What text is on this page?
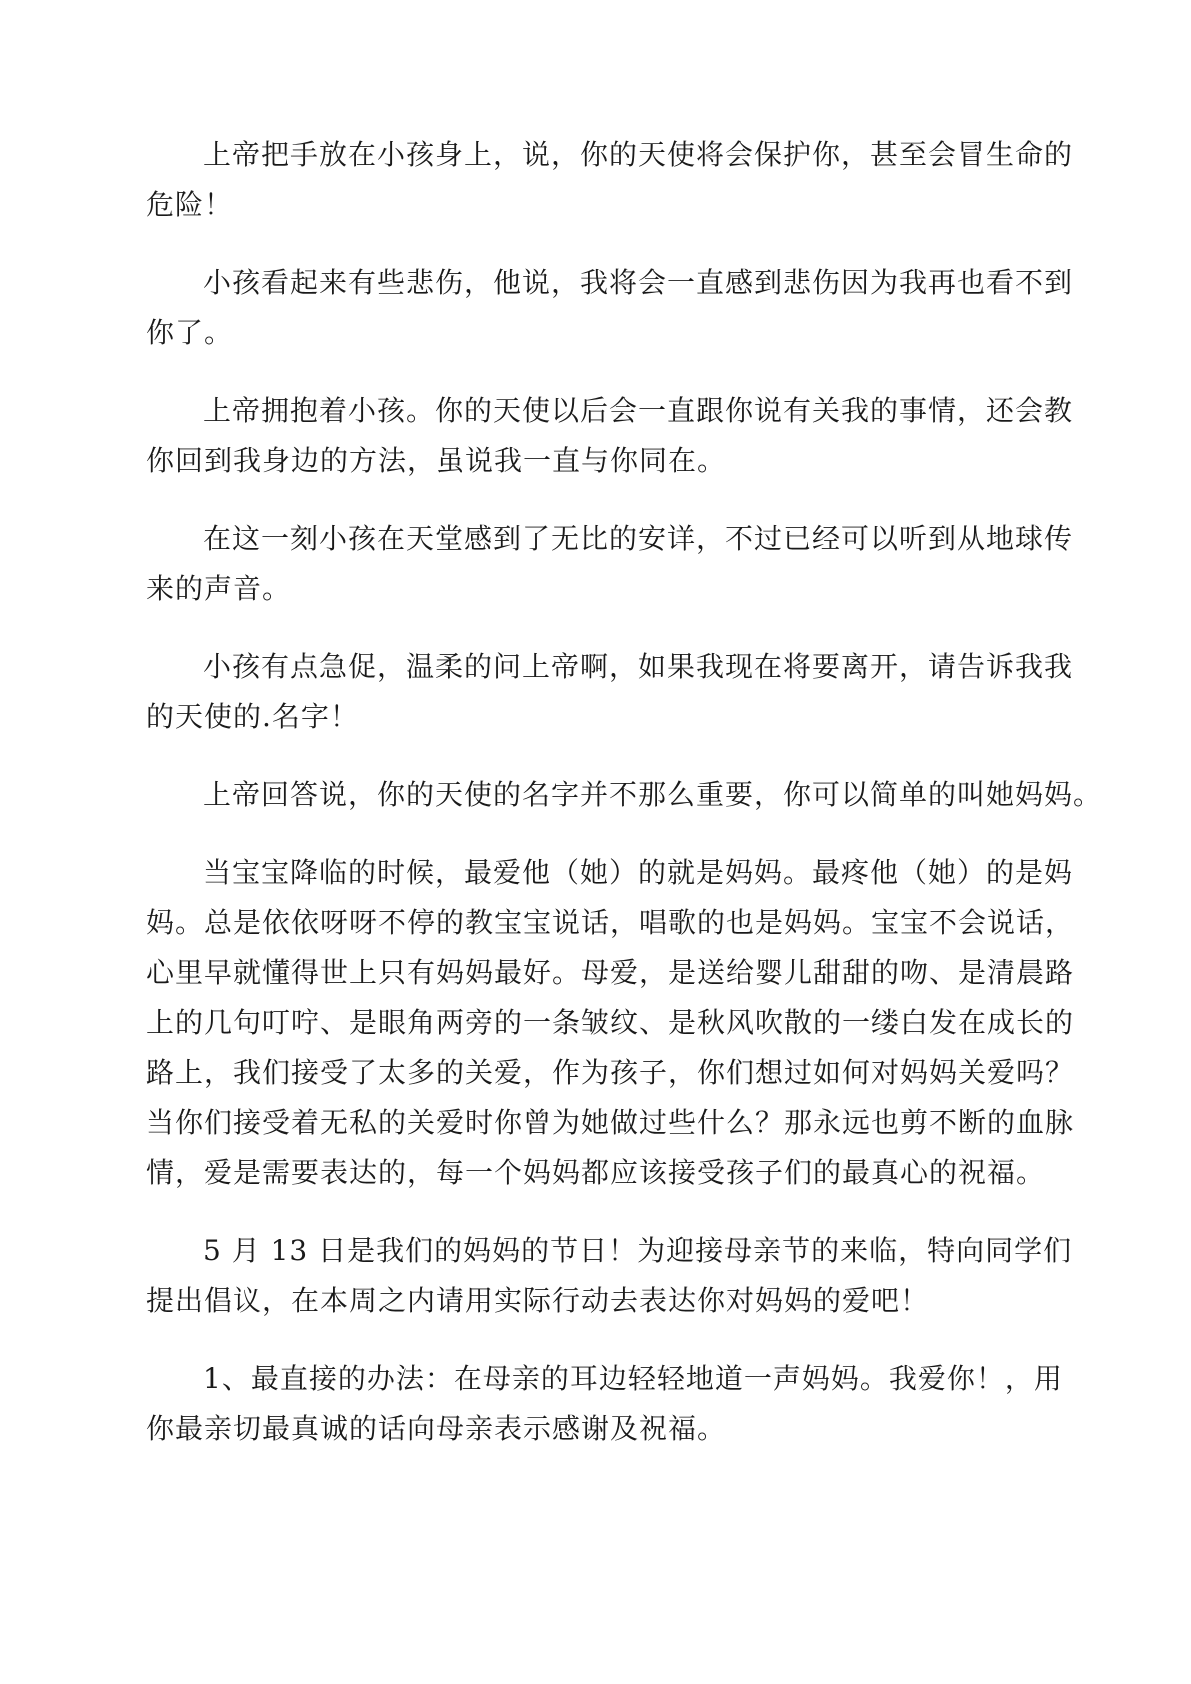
上帝把手放在小孩身上，说，你的天使将会保护你，甚至会冒生命的
危险！

小孩看起来有些悲伤，他说，我将会一直感到悲伤因为我再也看不到
你了。

上帝拥抱着小孩。你的天使以后会一直跟你说有关我的事情，还会教
你回到我身边的方法，虽说我一直与你同在。

在这一刻小孩在天堂感到了无比的安详，不过已经可以听到从地球传
来的声音。

小孩有点急促，温柔的问上帝啊，如果我现在将要离开，请告诉我我
的天使的.名字！

上帝回答说，你的天使的名字并不那么重要，你可以简单的叫她妈妈。

当宝宝降临的时候，最爱他（她）的就是妈妈。最疼他（她）的是妈
妈。总是依依呀呀不停的教宝宝说话，唱歌的也是妈妈。宝宝不会说话，
心里早就懂得世上只有妈妈最好。母爱，是送给婴儿甜甜的吻、是清晨路
上的几句叮咛、是眼角两旁的一条皱纹、是秋风吹散的一缕白发在成长的
路上，我们接受了太多的关爱，作为孩子，你们想过如何对妈妈关爱吗？
当你们接受着无私的关爱时你曾为她做过些什么？那永远也剪不断的血脉
情，爱是需要表达的，每一个妈妈都应该接受孩子们的最真心的祝福。

5 月 13 日是我们的妈妈的节日！为迎接母亲节的来临，特向同学们
提出倡议，在本周之内请用实际行动去表达你对妈妈的爱吧！

1、最直接的办法：在母亲的耳边轻轻地道一声妈妈。我爱你！，用
你最亲切最真诚的话向母亲表示感谢及祝福。
